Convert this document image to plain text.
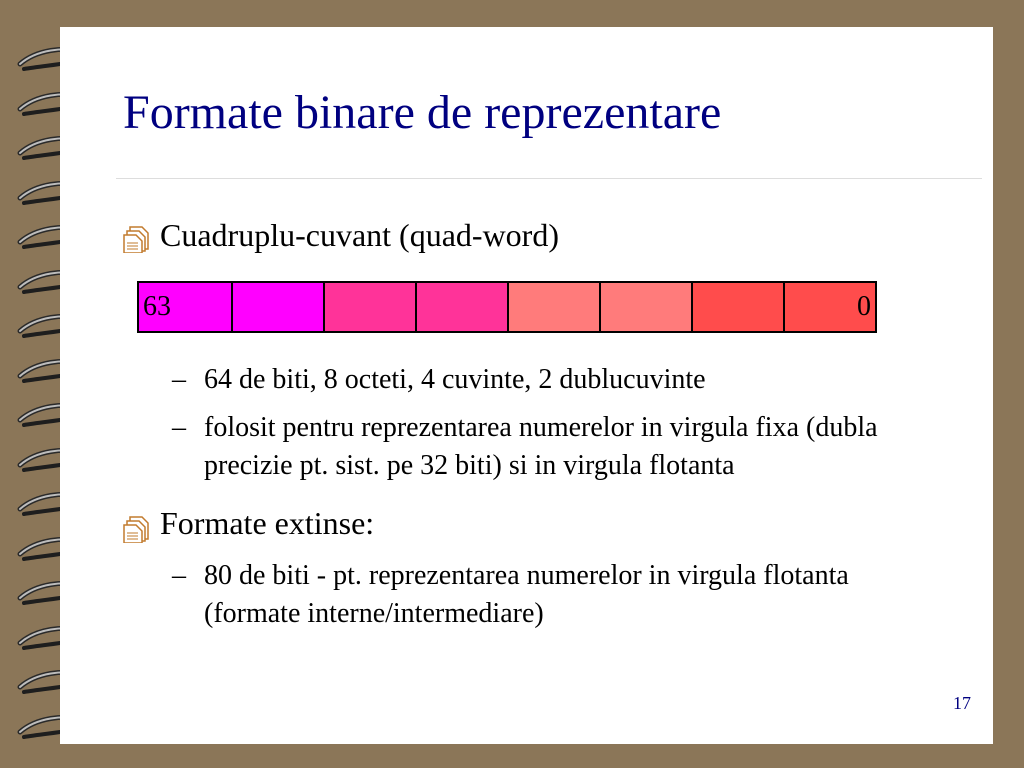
Formate binare de reprezentare
Cuadruplu-cuvant (quad-word)
63	0
– 64 de biti, 8 octeti, 4 cuvinte, 2 dublucuvinte
– folosit pentru reprezentarea numerelor in virgula fixa (dubla precizie pt. sist. pe 32 biti) si in virgula flotanta
Formate extinse:
– 80 de biti - pt. reprezentarea numerelor in virgula flotanta (formate interne/intermediare)
17
